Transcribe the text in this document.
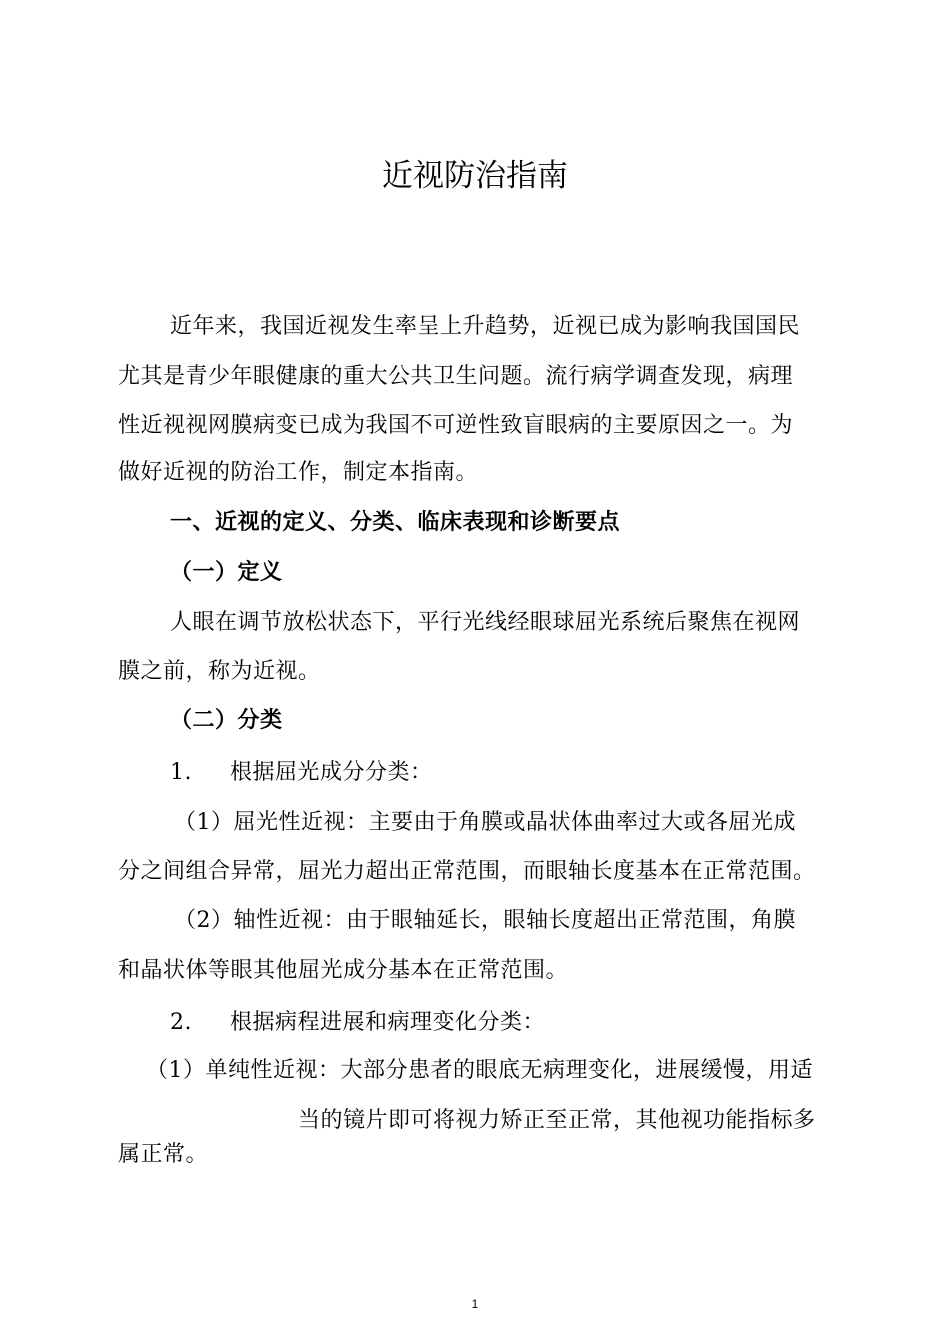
近视防治指南
近年来，我国近视发生率呈上升趋势，近视已成为影响我国国民
尤其是青少年眼健康的重大公共卫生问题。流行病学调查发现，病理
性近视视网膜病变已成为我国不可逆性致盲眼病的主要原因之一。为
做好近视的防治工作，制定本指南。
一、近视的定义、分类、临床表现和诊断要点
（一）定义
人眼在调节放松状态下，平行光线经眼球屈光系统后聚焦在视网
膜之前，称为近视。
（二）分类
1. 根据屈光成分分类：
（1）屈光性近视：主要由于角膜或晶状体曲率过大或各屈光成
分之间组合异常，屈光力超出正常范围，而眼轴长度基本在正常范围。
（2）轴性近视：由于眼轴延长，眼轴长度超出正常范围，角膜
和晶状体等眼其他屈光成分基本在正常范围。
2. 根据病程进展和病理变化分类：
（1）单纯性近视：大部分患者的眼底无病理变化，进展缓慢，用适
当的镜片即可将视力矫正至正常，其他视功能指标多
属正常。
1
